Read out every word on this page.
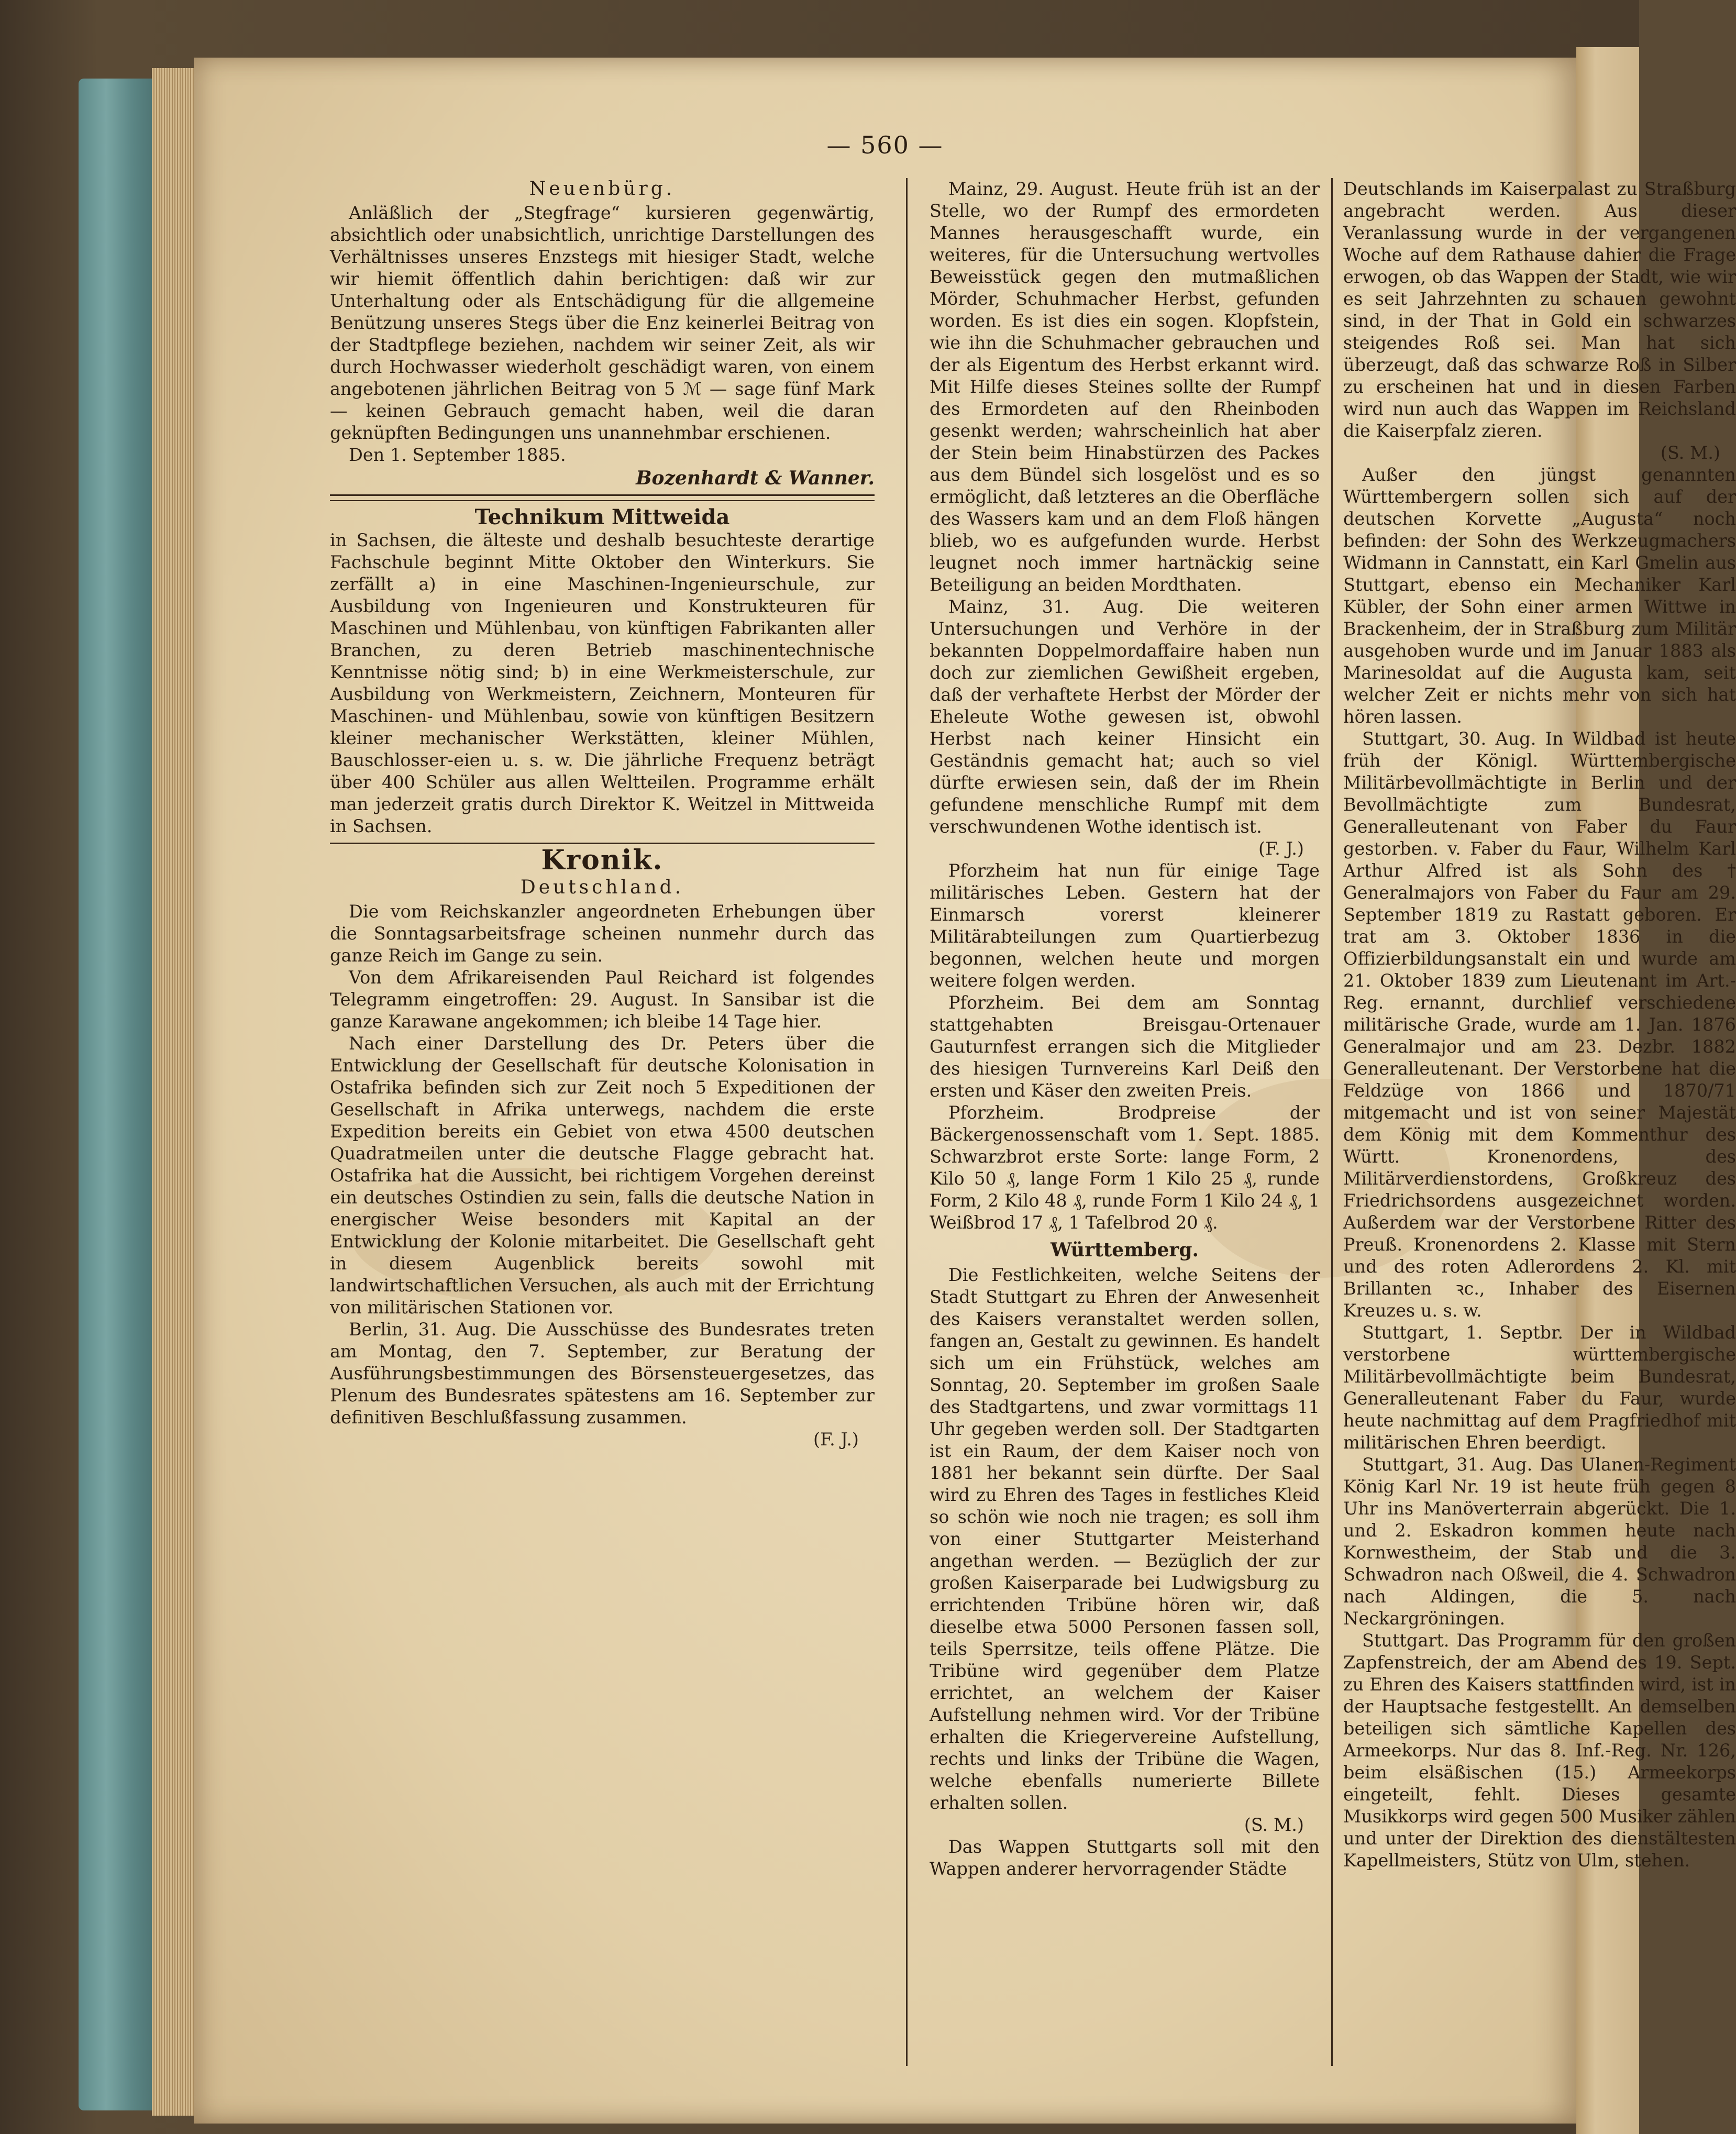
— 560 —
Neuenbürg.

Anläßlich der „Stegfrage“ kursieren gegenwärtig, absichtlich oder unabsichtlich, unrichtige Darstellungen des Verhältnisses unseres Enzstegs mit hiesiger Stadt, welche wir hiemit öffentlich dahin berichtigen: daß wir zur Unterhaltung oder als Entschädigung für die allgemeine Benützung unseres Stegs über die Enz keinerlei Beitrag von der Stadtpflege beziehen, nachdem wir seiner Zeit, als wir durch Hochwasser wiederholt geschädigt waren, von einem angebotenen jährlichen Beitrag von 5 ℳ — sage fünf Mark — keinen Gebrauch gemacht haben, weil die daran geknüpften Bedingungen uns unannehmbar erschienen.

Den 1. September 1885.

Bozenhardt & Wanner.
Technikum Mittweida

in Sachsen, die älteste und deshalb besuchteste derartige Fachschule beginnt Mitte Oktober den Winterkurs. Sie zerfällt a) in eine Maschinen-Ingenieurschule, zur Ausbildung von Ingenieuren und Konstrukteuren für Maschinen und Mühlenbau, von künftigen Fabrikanten aller Branchen, zu deren Betrieb maschinentechnische Kenntnisse nötig sind; b) in eine Werkmeisterschule, zur Ausbildung von Werkmeistern, Zeichnern, Monteuren für Maschinen- und Mühlenbau, sowie von künftigen Besitzern kleiner mechanischer Werkstätten, kleiner Mühlen, Bauschlosser-eien u. s. w. Die jährliche Frequenz beträgt über 400 Schüler aus allen Weltteilen. Programme erhält man jederzeit gratis durch Direktor K. Weitzel in Mittweida in Sachsen.

Kronik.
Deutschland.

Die vom Reichskanzler angeordneten Erhebungen über die Sonntagsarbeitsfrage scheinen nunmehr durch das ganze Reich im Gange zu sein.

Von dem Afrikareisenden Paul Reichard ist folgendes Telegramm eingetroffen: 29. August. In Sansibar ist die ganze Karawane angekommen; ich bleibe 14 Tage hier.

Nach einer Darstellung des Dr. Peters über die Entwicklung der Gesellschaft für deutsche Kolonisation in Ostafrika befinden sich zur Zeit noch 5 Expeditionen der Gesellschaft in Afrika unterwegs, nachdem die erste Expedition bereits ein Gebiet von etwa 4500 deutschen Quadratmeilen unter die deutsche Flagge gebracht hat. Ostafrika hat die Aussicht, bei richtigem Vorgehen dereinst ein deutsches Ostindien zu sein, falls die deutsche Nation in energischer Weise besonders mit Kapital an der Entwicklung der Kolonie mitarbeitet. Die Gesellschaft geht in diesem Augenblick bereits sowohl mit landwirtschaftlichen Versuchen, als auch mit der Errichtung von militärischen Stationen vor.

Berlin, 31. Aug. Die Ausschüsse des Bundesrates treten am Montag, den 7. September, zur Beratung der Ausführungsbestimmungen des Börsensteuergesetzes, das Plenum des Bundesrates spätestens am 16. September zur definitiven Beschlußfassung zusammen.

(F. J.)

Mainz, 29. August. Heute früh ist an der Stelle, wo der Rumpf des ermordeten Mannes herausgeschafft wurde, ein weiteres, für die Untersuchung wertvolles Beweisstück gegen den mutmaßlichen Mörder, Schuhmacher Herbst, gefunden worden. Es ist dies ein sogen. Klopfstein, wie ihn die Schuhmacher gebrauchen und der als Eigentum des Herbst erkannt wird. Mit Hilfe dieses Steines sollte der Rumpf des Ermordeten auf den Rheinboden gesenkt werden; wahrscheinlich hat aber der Stein beim Hinabstürzen des Packes aus dem Bündel sich losgelöst und es so ermöglicht, daß letzteres an die Oberfläche des Wassers kam und an dem Floß hängen blieb, wo es aufgefunden wurde. Herbst leugnet noch immer hartnäckig seine Beteiligung an beiden Mordthaten.

Mainz, 31. Aug. Die weiteren Untersuchungen und Verhöre in der bekannten Doppelmordaffaire haben nun doch zur ziemlichen Gewißheit ergeben, daß der verhaftete Herbst der Mörder der Eheleute Wothe gewesen ist, obwohl Herbst nach keiner Hinsicht ein Geständnis gemacht hat; auch so viel dürfte erwiesen sein, daß der im Rhein gefundene menschliche Rumpf mit dem verschwundenen Wothe identisch ist.

(F. J.)

Pforzheim hat nun für einige Tage militärisches Leben. Gestern hat der Einmarsch vorerst kleinerer Militärabteilungen zum Quartierbezug begonnen, welchen heute und morgen weitere folgen werden.

Pforzheim. Bei dem am Sonntag stattgehabten Breisgau-Ortenauer Gauturnfest errangen sich die Mitglieder des hiesigen Turnvereins Karl Deiß den ersten und Käser den zweiten Preis.

Pforzheim. Brodpreise der Bäckergenossenschaft vom 1. Sept. 1885. Schwarzbrot erste Sorte: lange Form, 2 Kilo 50 ₰, lange Form 1 Kilo 25 ₰, runde Form, 2 Kilo 48 ₰, runde Form 1 Kilo 24 ₰, 1 Weißbrod 17 ₰, 1 Tafelbrod 20 ₰.

Württemberg.

Die Festlichkeiten, welche Seitens der Stadt Stuttgart zu Ehren der Anwesenheit des Kaisers veranstaltet werden sollen, fangen an, Gestalt zu gewinnen. Es handelt sich um ein Frühstück, welches am Sonntag, 20. September im großen Saale des Stadtgartens, und zwar vormittags 11 Uhr gegeben werden soll. Der Stadtgarten ist ein Raum, der dem Kaiser noch von 1881 her bekannt sein dürfte. Der Saal wird zu Ehren des Tages in festliches Kleid so schön wie noch nie tragen; es soll ihm von einer Stuttgarter Meisterhand angethan werden. — Bezüglich der zur großen Kaiserparade bei Ludwigsburg zu errichtenden Tribüne hören wir, daß dieselbe etwa 5000 Personen fassen soll, teils Sperrsitze, teils offene Plätze. Die Tribüne wird gegenüber dem Platze errichtet, an welchem der Kaiser Aufstellung nehmen wird. Vor der Tribüne erhalten die Kriegervereine Aufstellung, rechts und links der Tribüne die Wagen, welche ebenfalls numerierte Billete erhalten sollen.

(S. M.)

Das Wappen Stuttgarts soll mit den Wappen anderer hervorragender Städte

Deutschlands im Kaiserpalast zu Straßburg angebracht werden. Aus dieser Veranlassung wurde in der vergangenen Woche auf dem Rathause dahier die Frage erwogen, ob das Wappen der Stadt, wie wir es seit Jahrzehnten zu schauen gewohnt sind, in der That in Gold ein schwarzes steigendes Roß sei. Man hat sich überzeugt, daß das schwarze Roß in Silber zu erscheinen hat und in diesen Farben wird nun auch das Wappen im Reichsland die Kaiserpfalz zieren.

(S. M.)

Außer den jüngst genannten Württembergern sollen sich auf der deutschen Korvette „Augusta“ noch befinden: der Sohn des Werkzeugmachers Widmann in Cannstatt, ein Karl Gmelin aus Stuttgart, ebenso ein Mechaniker Karl Kübler, der Sohn einer armen Wittwe in Brackenheim, der in Straßburg zum Militär ausgehoben wurde und im Januar 1883 als Marinesoldat auf die Augusta kam, seit welcher Zeit er nichts mehr von sich hat hören lassen.

Stuttgart, 30. Aug. In Wildbad ist heute früh der Königl. Württembergische Militärbevollmächtigte in Berlin und der Bevollmächtigte zum Bundesrat, Generalleutenant von Faber du Faur gestorben. v. Faber du Faur, Wilhelm Karl Arthur Alfred ist als Sohn des † Generalmajors von Faber du Faur am 29. September 1819 zu Rastatt geboren. Er trat am 3. Oktober 1836 in die Offizierbildungsanstalt ein und wurde am 21. Oktober 1839 zum Lieutenant im Art.-Reg. ernannt, durchlief verschiedene militärische Grade, wurde am 1. Jan. 1876 Generalmajor und am 23. Dezbr. 1882 Generalleutenant. Der Verstorbene hat die Feldzüge von 1866 und 1870/71 mitgemacht und ist von seiner Majestät dem König mit dem Kommenthur des Württ. Kronenordens, des Militärverdienstordens, Großkreuz des Friedrichsordens ausgezeichnet worden. Außerdem war der Verstorbene Ritter des Preuß. Kronenordens 2. Klasse mit Stern und des roten Adlerordens 2. Kl. mit Brillanten ꝛc., Inhaber des Eisernen Kreuzes u. s. w.

Stuttgart, 1. Septbr. Der in Wildbad verstorbene württembergische Militärbevollmächtigte beim Bundesrat, Generalleutenant Faber du Faur, wurde heute nachmittag auf dem Pragfriedhof mit militärischen Ehren beerdigt.

Stuttgart, 31. Aug. Das Ulanen-Regiment König Karl Nr. 19 ist heute früh gegen 8 Uhr ins Manöverterrain abgerückt. Die 1. und 2. Eskadron kommen heute nach Kornwestheim, der Stab und die 3. Schwadron nach Oßweil, die 4. Schwadron nach Aldingen, die 5. nach Neckargröningen.

Stuttgart. Das Programm für den großen Zapfenstreich, der am Abend des 19. Sept. zu Ehren des Kaisers stattfinden wird, ist in der Hauptsache festgestellt. An demselben beteiligen sich sämtliche Kapellen des Armeekorps. Nur das 8. Inf.-Reg. Nr. 126, beim elsäßischen (15.) Armeekorps eingeteilt, fehlt. Dieses gesamte Musikkorps wird gegen 500 Musiker zählen und unter der Direktion des dienstältesten Kapellmeisters, Stütz von Ulm, stehen.
